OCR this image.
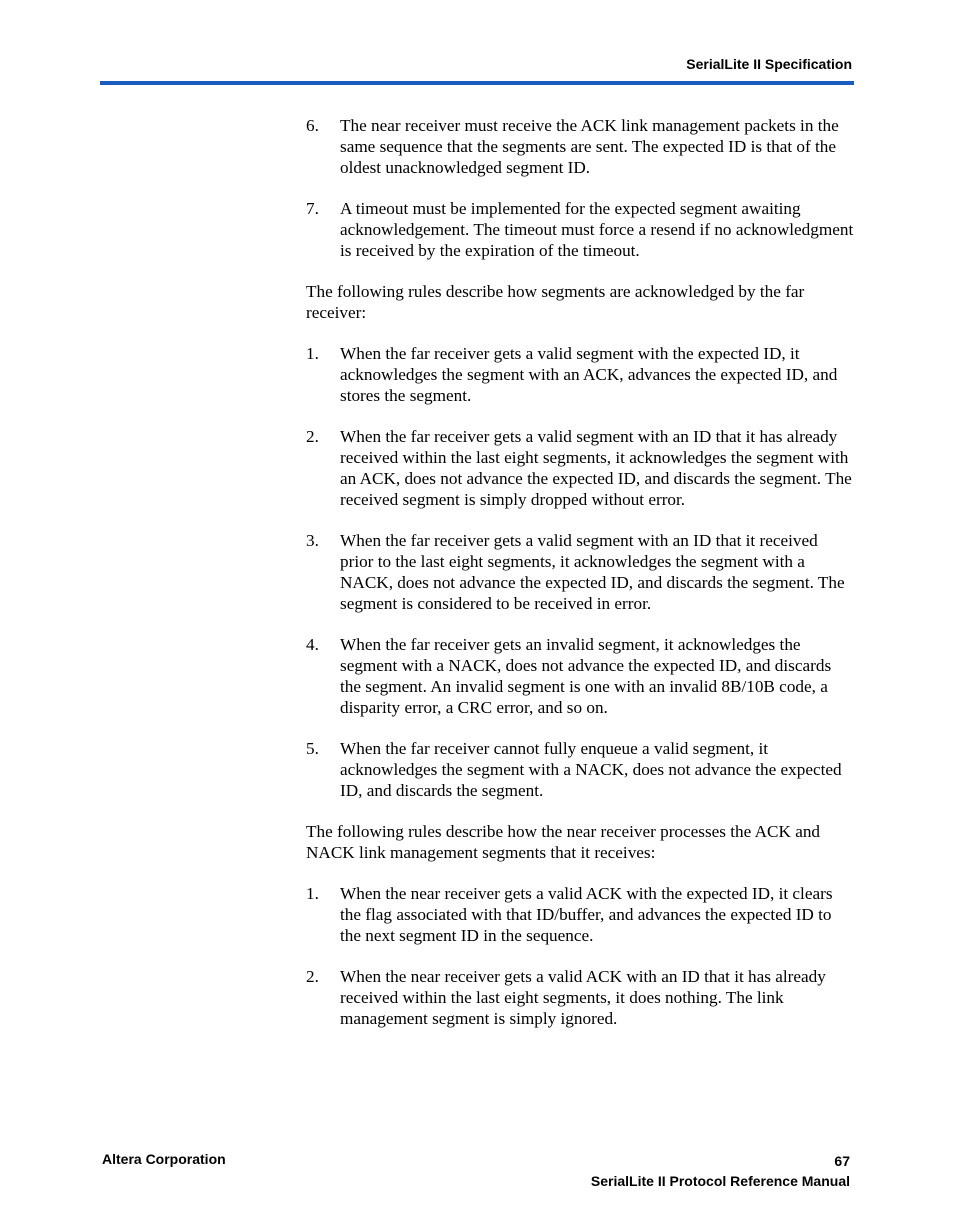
SerialLite II Specification
6. The near receiver must receive the ACK link management packets in the same sequence that the segments are sent. The expected ID is that of the oldest unacknowledged segment ID.
7. A timeout must be implemented for the expected segment awaiting acknowledgement. The timeout must force a resend if no acknowledgment is received by the expiration of the timeout.

The following rules describe how segments are acknowledged by the far receiver:

1. When the far receiver gets a valid segment with the expected ID, it acknowledges the segment with an ACK, advances the expected ID, and stores the segment.
2. When the far receiver gets a valid segment with an ID that it has already received within the last eight segments, it acknowledges the segment with an ACK, does not advance the expected ID, and discards the segment. The received segment is simply dropped without error.
3. When the far receiver gets a valid segment with an ID that it received prior to the last eight segments, it acknowledges the segment with a NACK, does not advance the expected ID, and discards the segment. The segment is considered to be received in error.
4. When the far receiver gets an invalid segment, it acknowledges the segment with a NACK, does not advance the expected ID, and discards the segment. An invalid segment is one with an invalid 8B/10B code, a disparity error, a CRC error, and so on.
5. When the far receiver cannot fully enqueue a valid segment, it acknowledges the segment with a NACK, does not advance the expected ID, and discards the segment.

The following rules describe how the near receiver processes the ACK and NACK link management segments that it receives:

1. When the near receiver gets a valid ACK with the expected ID, it clears the flag associated with that ID/buffer, and advances the expected ID to the next segment ID in the sequence.
2. When the near receiver gets a valid ACK with an ID that it has already received within the last eight segments, it does nothing. The link management segment is simply ignored.
Altera Corporation	67
SerialLite II Protocol Reference Manual
